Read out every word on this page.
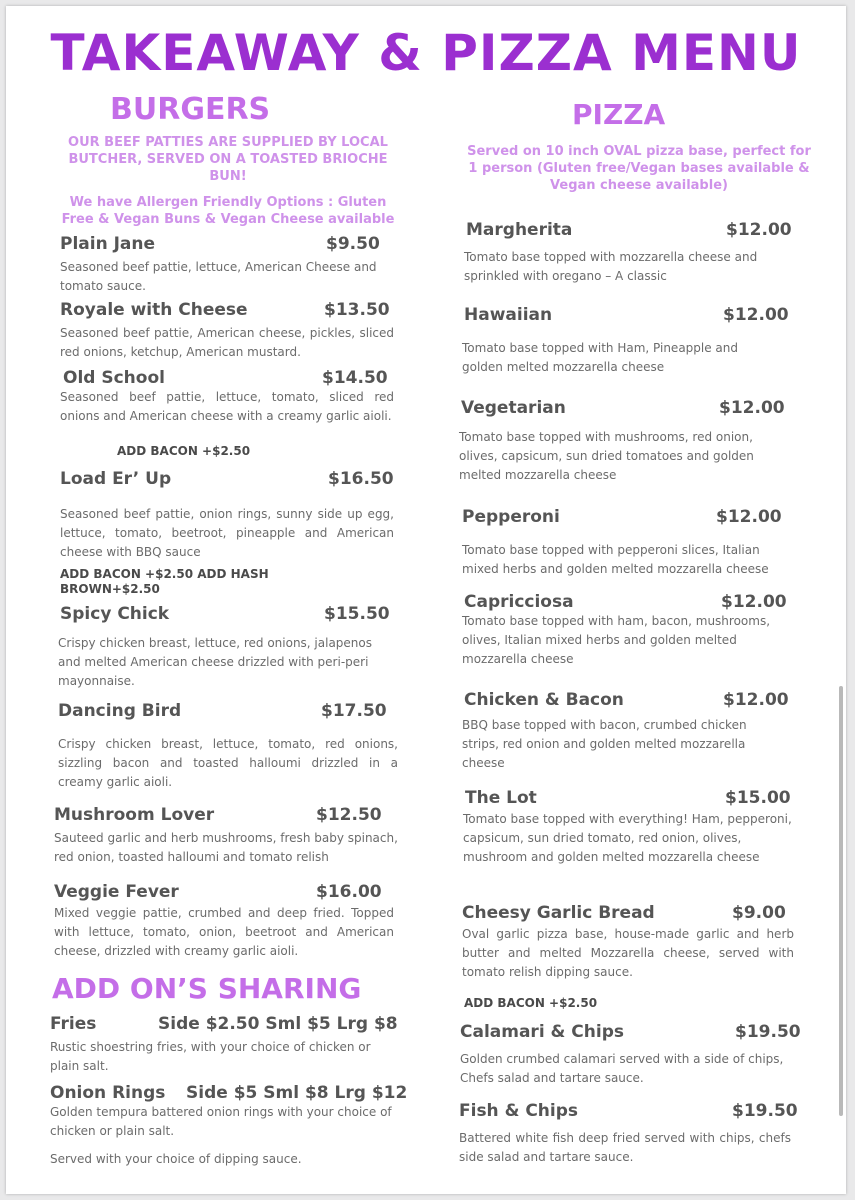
TAKEAWAY & PIZZA MENU
BURGERS
OUR BEEF PATTIES ARE SUPPLIED BY LOCAL BUTCHER, SERVED ON A TOASTED BRIOCHE BUN!
We have Allergen Friendly Options : Gluten Free & Vegan Buns & Vegan Cheese available
Plain Jane	$9.50
Seasoned beef pattie, lettuce, American Cheese and tomato sauce.
Royale with Cheese	$13.50
Seasoned beef pattie, American cheese, pickles, sliced red onions, ketchup, American mustard.
Old School	$14.50
Seasoned beef pattie, lettuce, tomato, sliced red onions and American cheese with a creamy garlic aioli.
ADD BACON +$2.50
Load Er’ Up	$16.50
Seasoned beef pattie, onion rings, sunny side up egg, lettuce, tomato, beetroot, pineapple and American cheese with BBQ sauce
ADD BACON +$2.50 ADD HASH BROWN+$2.50
Spicy Chick	$15.50
Crispy chicken breast, lettuce, red onions, jalapenos and melted American cheese drizzled with peri-peri mayonnaise.
Dancing Bird	$17.50
Crispy chicken breast, lettuce, tomato, red onions, sizzling bacon and toasted halloumi drizzled in a creamy garlic aioli.
Mushroom Lover	$12.50
Sauteed garlic and herb mushrooms, fresh baby spinach, red onion, toasted halloumi and tomato relish
Veggie Fever	$16.00
Mixed veggie pattie, crumbed and deep fried. Topped with lettuce, tomato, onion, beetroot and American cheese, drizzled with creamy garlic aioli.
ADD ON’S SHARING
Fries	Side $2.50 Sml $5 Lrg $8
Rustic shoestring fries, with your choice of chicken or plain salt.
Onion Rings Side $5 Sml $8 Lrg $12
Golden tempura battered onion rings with your choice of chicken or plain salt.
Served with your choice of dipping sauce.
PIZZA
Served on 10 inch OVAL pizza base, perfect for 1 person (Gluten free/Vegan bases available & Vegan cheese available)
Margherita	$12.00
Tomato base topped with mozzarella cheese and sprinkled with oregano – A classic
Hawaiian	$12.00
Tomato base topped with Ham, Pineapple and golden melted mozzarella cheese
Vegetarian	$12.00
Tomato base topped with mushrooms, red onion, olives, capsicum, sun dried tomatoes and golden melted mozzarella cheese
Pepperoni	$12.00
Tomato base topped with pepperoni slices, Italian mixed herbs and golden melted mozzarella cheese
Capricciosa	$12.00
Tomato base topped with ham, bacon, mushrooms, olives, Italian mixed herbs and golden melted mozzarella cheese
Chicken & Bacon	$12.00
BBQ base topped with bacon, crumbed chicken strips, red onion and golden melted mozzarella cheese
The Lot	$15.00
Tomato base topped with everything! Ham, pepperoni, capsicum, sun dried tomato, red onion, olives, mushroom and golden melted mozzarella cheese
Cheesy Garlic Bread	$9.00
Oval garlic pizza base, house-made garlic and herb butter and melted Mozzarella cheese, served with tomato relish dipping sauce.
ADD BACON +$2.50
Calamari & Chips	$19.50
Golden crumbed calamari served with a side of chips, Chefs salad and tartare sauce.
Fish & Chips	$19.50
Battered white fish deep fried served with chips, chefs side salad and tartare sauce.
